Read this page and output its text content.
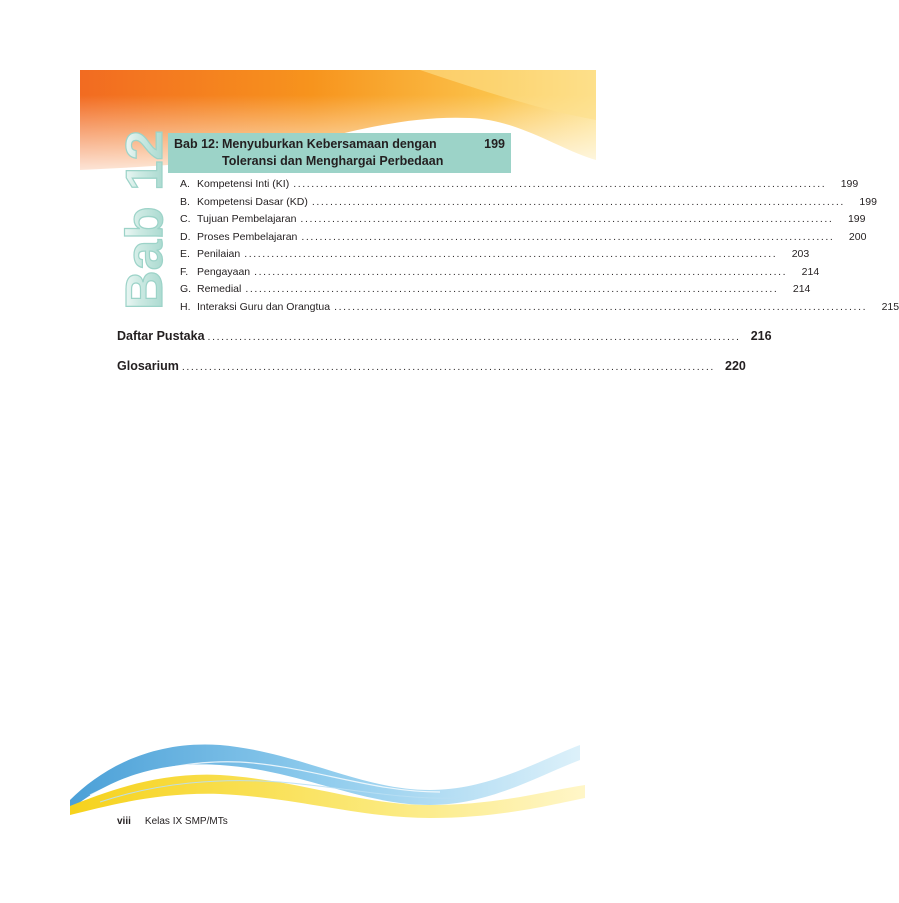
Bab 12 Bab 12: Menyuburkan Kebersamaan dengan
Toleransi dan Menghargai Perbedaan
199
A. Kompetensi Inti (KI) ......................................................................................................................	199
B. Kompetensi Dasar (KD) ......................................................................................................................	199
C. Tujuan Pembelajaran ......................................................................................................................	199
D. Proses Pembelajaran ......................................................................................................................	200
E. Penilaian ......................................................................................................................	203
F. Pengayaan ......................................................................................................................	214
G. Remedial ......................................................................................................................	214
H. Interaksi Guru dan Orangtua ......................................................................................................................	215
Daftar Pustaka ...................................................................................................................... 216
Glosarium ...................................................................................................................... 220
viii Kelas IX SMP/MTs
